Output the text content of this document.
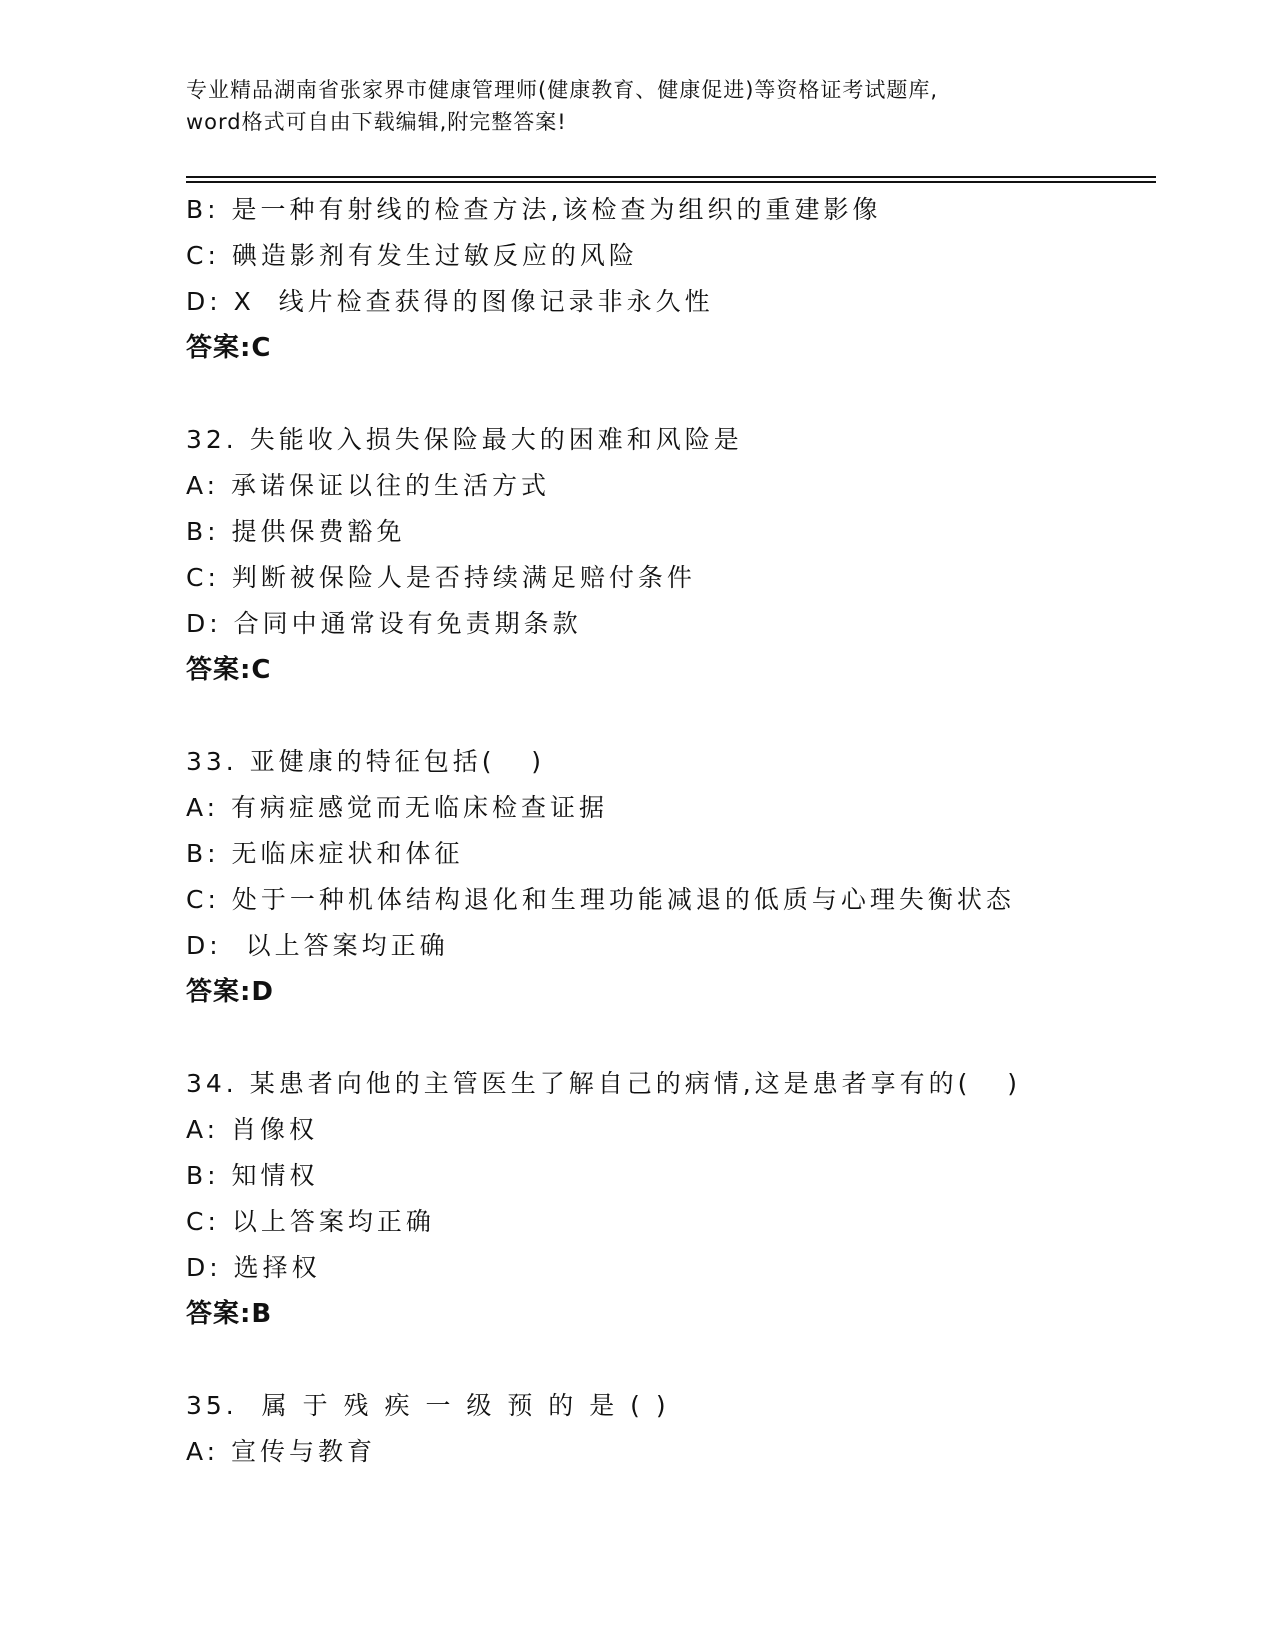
专业精品湖南省张家界市健康管理师(健康教育、健康促进)等资格证考试题库,
word格式可自由下载编辑,附完整答案!
B: 是一种有射线的检查方法,该检查为组织的重建影像
C: 碘造影剂有发生过敏反应的风险
D: X  线片检查获得的图像记录非永久性
答案:C
32. 失能收入损失保险最大的困难和风险是
A: 承诺保证以往的生活方式
B: 提供保费豁免
C: 判断被保险人是否持续满足赔付条件
D: 合同中通常设有免责期条款
答案:C
33. 亚健康的特征包括(   )
A: 有病症感觉而无临床检查证据
B: 无临床症状和体征
C: 处于一种机体结构退化和生理功能减退的低质与心理失衡状态
D:  以上答案均正确
答案:D
34. 某患者向他的主管医生了解自己的病情,这是患者享有的(   )
A: 肖像权
B: 知情权
C: 以上答案均正确
D: 选择权
答案:B
35.  属 于 残 疾 一 级 预 的 是 ( )
A: 宣传与教育
